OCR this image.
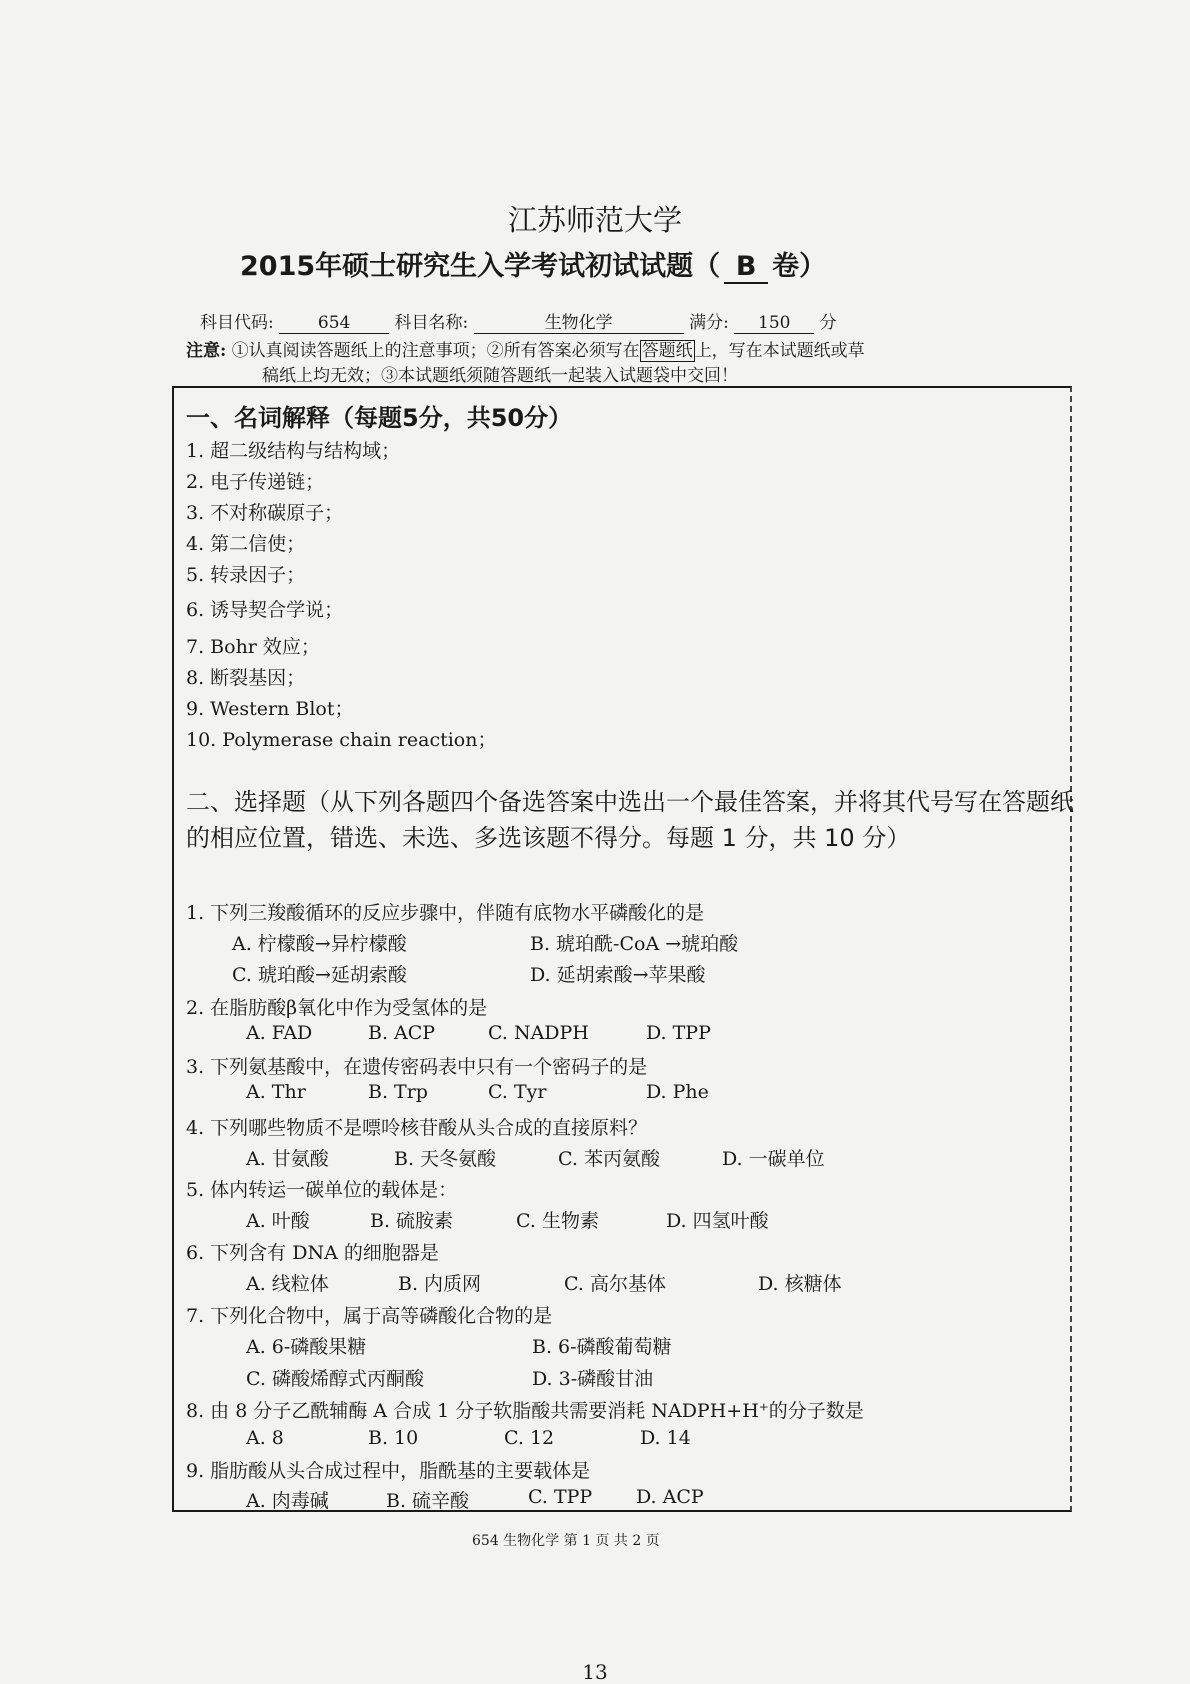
江苏师范大学
2015年硕士研究生入学考试初试试题（ B 卷）
科目代码:	654	科目名称:	生物化学	满分: 150 分
注意: ①认真阅读答题纸上的注意事项；②所有答案必须写在 答题纸 上，写在本试题纸或草
稿纸上均无效；③本试题纸须随答题纸一起装入试题袋中交回！
一、名词解释（每题5分，共50分）
1. 超二级结构与结构域；
2. 电子传递链；
3. 不对称碳原子；
4. 第二信使；
5. 转录因子；
6. 诱导契合学说；
7. Bohr 效应；
8. 断裂基因；
9. Western Blot；
10. Polymerase chain reaction；
二、选择题（从下列各题四个备选答案中选出一个最佳答案，并将其代号写在答题纸的相应位置，错选、未选、多选该题不得分。每题 1 分，共 10 分）
1. 下列三羧酸循环的反应步骤中，伴随有底物水平磷酸化的是
A. 柠檬酸→异柠檬酸	B. 琥珀酰-CoA →琥珀酸
C. 琥珀酸→延胡索酸	D. 延胡索酸→苹果酸
2. 在脂肪酸β氧化中作为受氢体的是
A. FAD	B. ACP	C. NADPH	D. TPP
3. 下列氨基酸中，在遗传密码表中只有一个密码子的是
A. Thr	B. Trp	C. Tyr	D. Phe
4. 下列哪些物质不是嘌呤核苷酸从头合成的直接原料？
A. 甘氨酸	B. 天冬氨酸	C. 苯丙氨酸	D. 一碳单位
5. 体内转运一碳单位的载体是：
A. 叶酸	B. 硫胺素	C. 生物素	D. 四氢叶酸
6. 下列含有 DNA 的细胞器是
A. 线粒体	B. 内质网	C. 高尔基体	D. 核糖体
7. 下列化合物中，属于高等磷酸化合物的是
A. 6-磷酸果糖	B. 6-磷酸葡萄糖
C. 磷酸烯醇式丙酮酸	D. 3-磷酸甘油
8. 由 8 分子乙酰辅酶 A 合成 1 分子软脂酸共需要消耗 NADPH+H⁺的分子数是
A. 8	B. 10	C. 12	D. 14
9. 脂肪酸从头合成过程中，脂酰基的主要载体是
A. 肉毒碱	B. 硫辛酸	C. TPP D. ACP
654 生物化学 第 1 页 共 2 页
13
